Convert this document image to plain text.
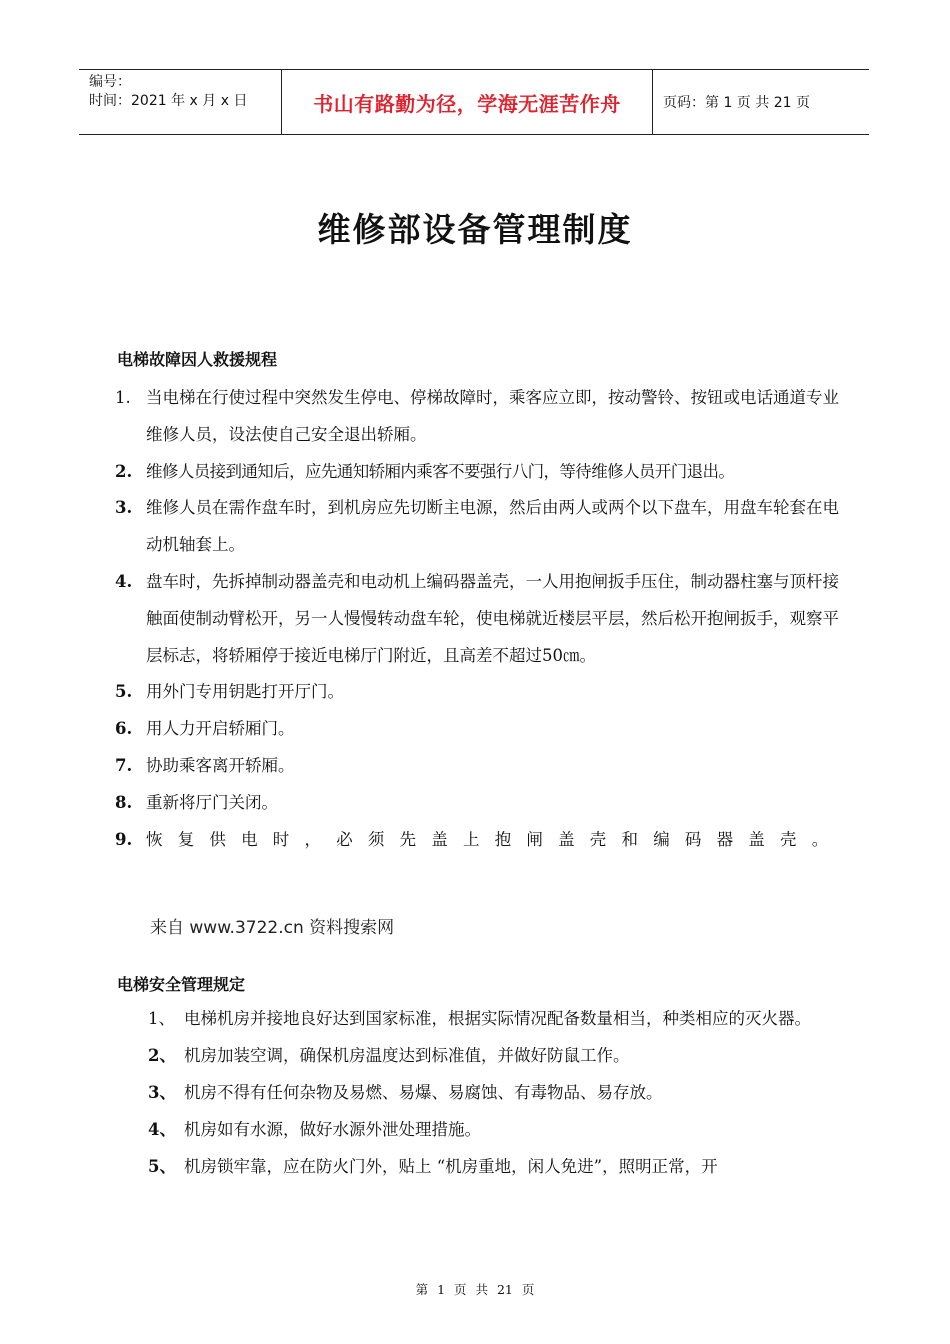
编号：
时间：2021 年 x 月 x 日	书山有路勤为径，学海无涯苦作舟	页码：第 1 页 共 21 页
维修部设备管理制度
电梯故障因人救援规程
1. 当电梯在行使过程中突然发生停电、停梯故障时，乘客应立即，按动警铃、按钮或电话通道专业维修人员，设法使自己安全退出轿厢。
2. 维修人员接到通知后，应先通知轿厢内乘客不要强行八门，等待维修人员开门退出。
3. 维修人员在需作盘车时，到机房应先切断主电源，然后由两人或两个以下盘车，用盘车轮套在电动机轴套上。
4. 盘车时，先拆掉制动器盖壳和电动机上编码器盖壳，一人用抱闸扳手压住，制动器柱塞与顶杆接触面使制动臂松开，另一人慢慢转动盘车轮，使电梯就近楼层平层，然后松开抱闸扳手，观察平层标志，将轿厢停于接近电梯厅门附近，且高差不超过50㎝。
5. 用外门专用钥匙打开厅门。
6. 用人力开启轿厢门。
7. 协助乘客离开轿厢。
8. 重新将厅门关闭。
9. 恢复供电时，必须先盖上抱闸盖壳和编码器盖壳。
来自 www.3722.cn 资料搜索网
电梯安全管理规定
1、 电梯机房并接地良好达到国家标准，根据实际情况配备数量相当，种类相应的灭火器。
2、 机房加装空调，确保机房温度达到标准值，并做好防鼠工作。
3、 机房不得有任何杂物及易燃、易爆、易腐蚀、有毒物品、易存放。
4、 机房如有水源，做好水源外泄处理措施。
5、 机房锁牢靠，应在防火门外，贴上 “机房重地，闲人免进”，照明正常，开
第 1 页 共 21 页
